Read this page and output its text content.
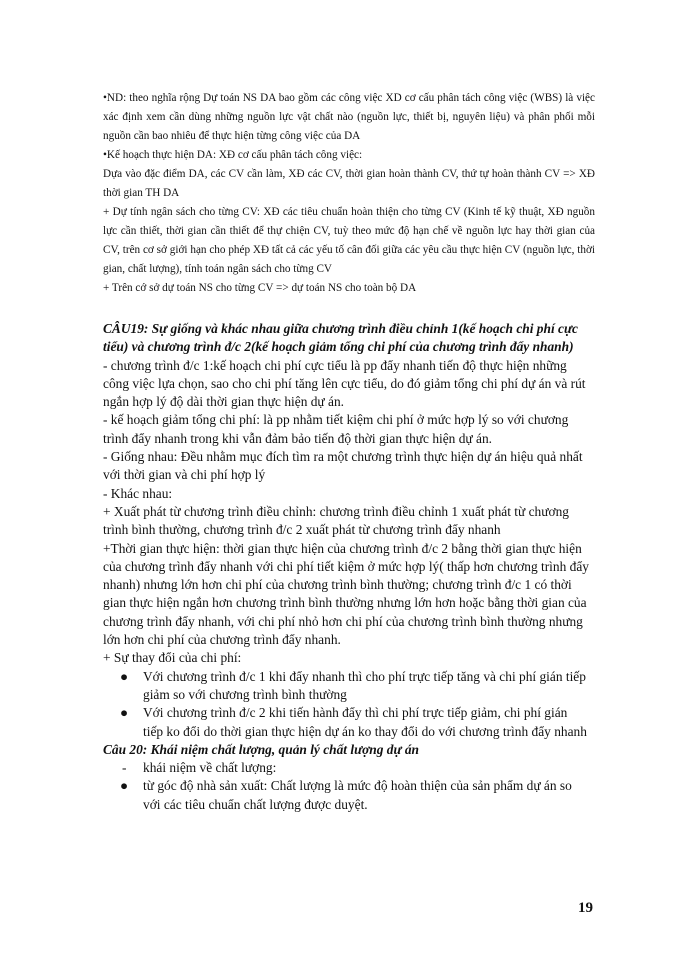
•ND: theo nghĩa rộng Dự toán NS DA bao gồm các công việc XD cơ cấu phân tách công việc (WBS) là việc xác định xem cần dùng những nguồn lực vật chất nào (nguồn lực, thiết bị, nguyên liệu) và phân phối mỗi nguồn cần bao nhiêu để thực hiện từng công việc của DA

•Kế hoạch thực hiện DA: XĐ cơ cấu phân tách công việc:

Dựa vào đặc điểm DA, các CV cần làm, XĐ các CV, thời gian hoàn thành CV, thứ tự hoàn thành CV => XĐ thời gian TH DA

+ Dự tính ngân sách cho từng CV: XĐ các tiêu chuẩn hoàn thiện cho từng CV (Kinh tế kỹ thuật, XĐ nguồn lực cần thiết, thời gian cần thiết để thự chiện CV, tuỳ theo mức độ hạn chế về nguồn lực hay thời gian của CV, trên cơ sở giới hạn cho phép XĐ tất cả các yếu tố cân đối giữa các yêu cầu thực hiện CV (nguồn lực, thời gian, chất lượng), tính toán ngân sách cho từng CV

+ Trên cớ sở dự toán NS cho từng CV => dự toán NS cho toàn bộ DA

CÂU19: Sự giống và khác nhau giữa chương trình điều chỉnh 1(kế hoạch chi phí cực tiểu) và chương trình đ/c 2(kế hoạch giảm tổng chi phí của chương trình đẩy nhanh)

- chương trình đ/c 1:kế hoạch chi phí cực tiểu là pp đẩy nhanh tiến độ thực hiện những công việc lựa chọn, sao cho chi phí tăng lên cực tiểu, do đó giảm tổng chi phí dự án và rút ngắn hợp lý độ dài thời gian thực hiện dự án.

- kế hoạch giảm tổng chi phí: là pp nhằm tiết kiệm chi phí ở mức hợp lý so với chương trình đẩy nhanh trong khi vẫn đảm bảo tiến độ thời gian thực hiện dự án.

- Giống nhau: Đều nhằm mục đích tìm ra một chương trình thực hiện dự án hiệu quả nhất với thời gian và chi phí hợp lý

- Khác nhau:

+ Xuất phát từ chương trình điều chỉnh: chương trình điều chỉnh 1 xuất phát từ chương trình bình thường, chương trình đ/c 2 xuất phát từ chương trình đẩy nhanh

+Thời gian thực hiện: thời gian thực hiện của chương trình đ/c 2 bằng thời gian thực hiện của chương trình đẩy nhanh với chi phí tiết kiệm ở mức hợp lý( thấp hơn chương trình đẩy nhanh) nhưng lớn hơn chi phí của chương trình bình thường; chương trình đ/c 1 có thời gian thực hiện ngắn hơn chương trình bình thường nhưng lớn hơn hoặc bằng thời gian của chương trình đẩy nhanh, với chi phí nhỏ hơn chi phí của chương trình bình thường nhưng lớn hơn chi phí của chương trình đẩy nhanh.

+ Sự thay đổi của chi phí:

● Với chương trình đ/c 1 khi đẩy nhanh thì cho phí trực tiếp tăng và chi phí gián tiếp giảm so với chương trình bình thường
● Với chương trình đ/c 2 khi tiến hành đẩy thì chi phí trực tiếp giảm, chi phí gián tiếp ko đổi do thời gian thực hiện dự án ko thay đổi do với chương trình đẩy nhanh

Câu 20: Khái niệm chất lượng, quản lý chất lượng dự án

- khái niệm về chất lượng:
● từ góc độ nhà sản xuất: Chất lượng là mức độ hoàn thiện của sản phẩm dự án so với các tiêu chuẩn chất lượng được duyệt.
19
